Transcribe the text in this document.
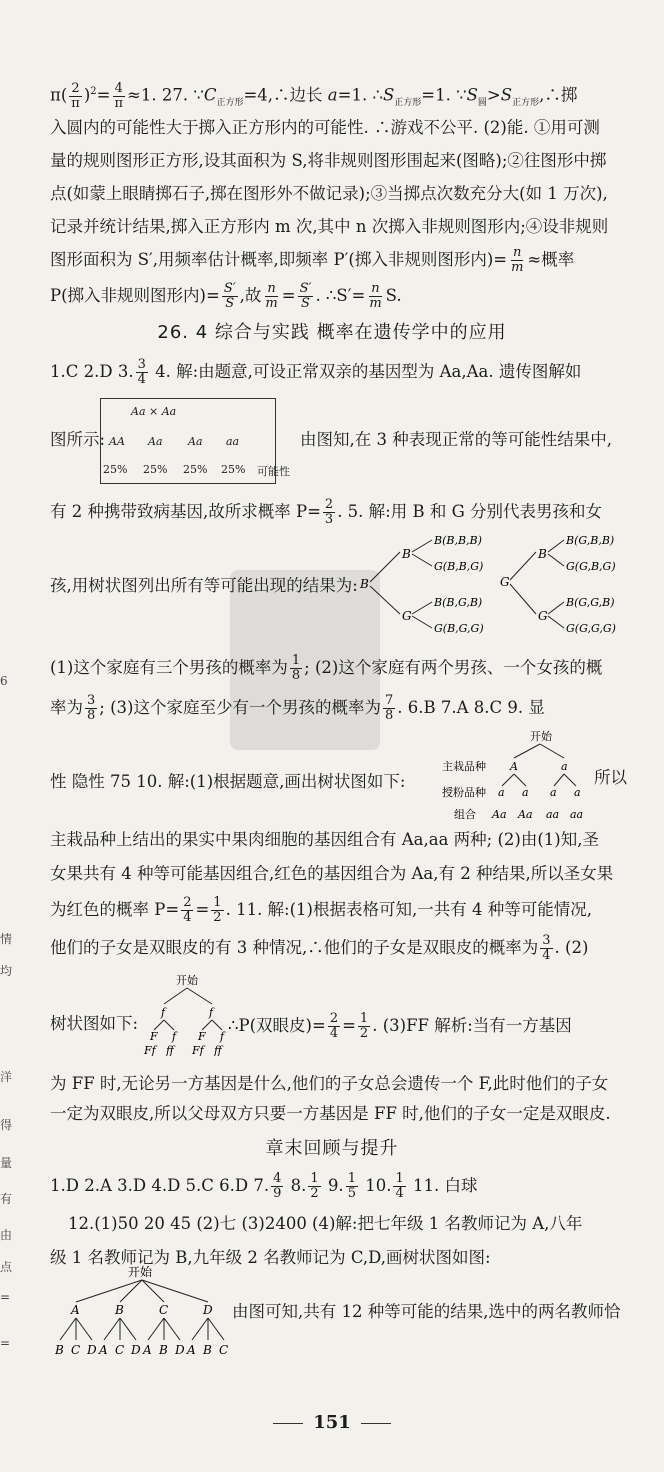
$\pi( \frac{2}{\pi} )^2= \frac{4}{\pi} \approx 1$. 27. $\because C_{正方形}=4,\therefore$边长 a=1. $\therefore S_{正方形}=1$. $\because S_圆>S_{正方形},\therefore$掷
入圆内的可能性大于掷入正方形内的可能性. ∴游戏不公平. (2)能. ①用可测
量的规则图形正方形,设其面积为 S,将非规则图形围起来(图略);②往图形中掷
点(如蒙上眼睛掷石子,掷在图形外不做记录);③当掷点次数充分大(如 1 万次),
记录并统计结果,掷入正方形内 m 次,其中 n 次掷入非规则图形内;④设非规则
图形面积为 S′,用频率估计概率,即频率 P′(掷入非规则图形内)= $\frac{n}{m}$ ≈概率
P(掷入非规则图形内)= $\frac{S'}{S}$ ,故 $\frac{n}{m} = \frac{S'}{S}$ . ∴S′= $\frac{n}{m} S$.
26. 4 综合与实践 概率在遗传学中的应用
1.C 2.D 3. $\frac{3}{4} 4$. 解:由题意,可设正常双亲的基因型为 Aa,Aa. 遗传图解如
图所示:	由图知,在 3 种表现正常的等可能性结果中,
Aa × Aa
AA Aa Aa aa
25% 25% 25% 25% 可能性
有 2 种携带致病基因,故所求概率 $P= \frac{2}{3}$ . 5. 解:用 B 和 G 分别代表男孩和女
孩,用树状图列出所有等可能出现的结果为: B
B
G
B(B,B,B)
G(B,B,G)
B(B,G,B)
G(B,G,G)
G
B
G
B(G,B,B)
G(G,B,G)
B(G,G,B)
G(G,G,G)
(1)这个家庭有三个男孩的概率为 $\frac{1}{8}$ ; (2)这个家庭有两个男孩、一个女孩的概
率为 $\frac{3}{8}$ ; (3)这个家庭至少有一个男孩的概率为 $\frac{7}{8}$ . 6.B 7.A 8.C 9. 显
性 隐性 75 10. 解:(1)根据题意,画出树状图如下:	所以
开始
主栽品种 A	a
授粉品种 a a a a
组合 Aa Aa aa aa
主栽品种上结出的果实中果肉细胞的基因组合有 Aa,aa 两种; (2)由(1)知,圣
女果共有 4 种等可能基因组合,红色的基因组合为 Aa,有 2 种结果,所以圣女果
为红色的概率 $P= \frac{2}{4} = \frac{1}{2}$ . 11. 解:(1)根据表格可知,一共有 4 种等可能情况,
他们的子女是双眼皮的有 3 种情况,∴他们的子女是双眼皮的概率为 $\frac{3}{4}$ . (2)
树状图如下:
开始
f	f
F f F f
Ff ff Ff ff
∴P(双眼皮)= $\frac{2}{4} = \frac{1}{2}$ . (3)FF 解析:当有一方基因
为 FF 时,无论另一方基因是什么,他们的子女总会遗传一个 F,此时他们的子女
一定为双眼皮,所以父母双方只要一方基因是 FF 时,他们的子女一定是双眼皮.
章末回顾与提升
1.D 2.A 3.D 4.D 5.C 6.D 7. $\frac{4}{9} 8$. $\frac{1}{2} 9$. $\frac{1}{5} 10$. $\frac{1}{4} 11$. 白球
12.(1)50 20 45 (2)七 (3)2400 (4)解:把七年级 1 名教师记为 A,八年
级 1 名教师记为 B,九年级 2 名教师记为 C,D,画树状图如图:
开始
A	B	C	D
B C D A C D A B D A B C
由图可知,共有 12 种等可能的结果,选中的两名教师恰
151
6
情
均
洋
得
量
有
由
点
=
=
